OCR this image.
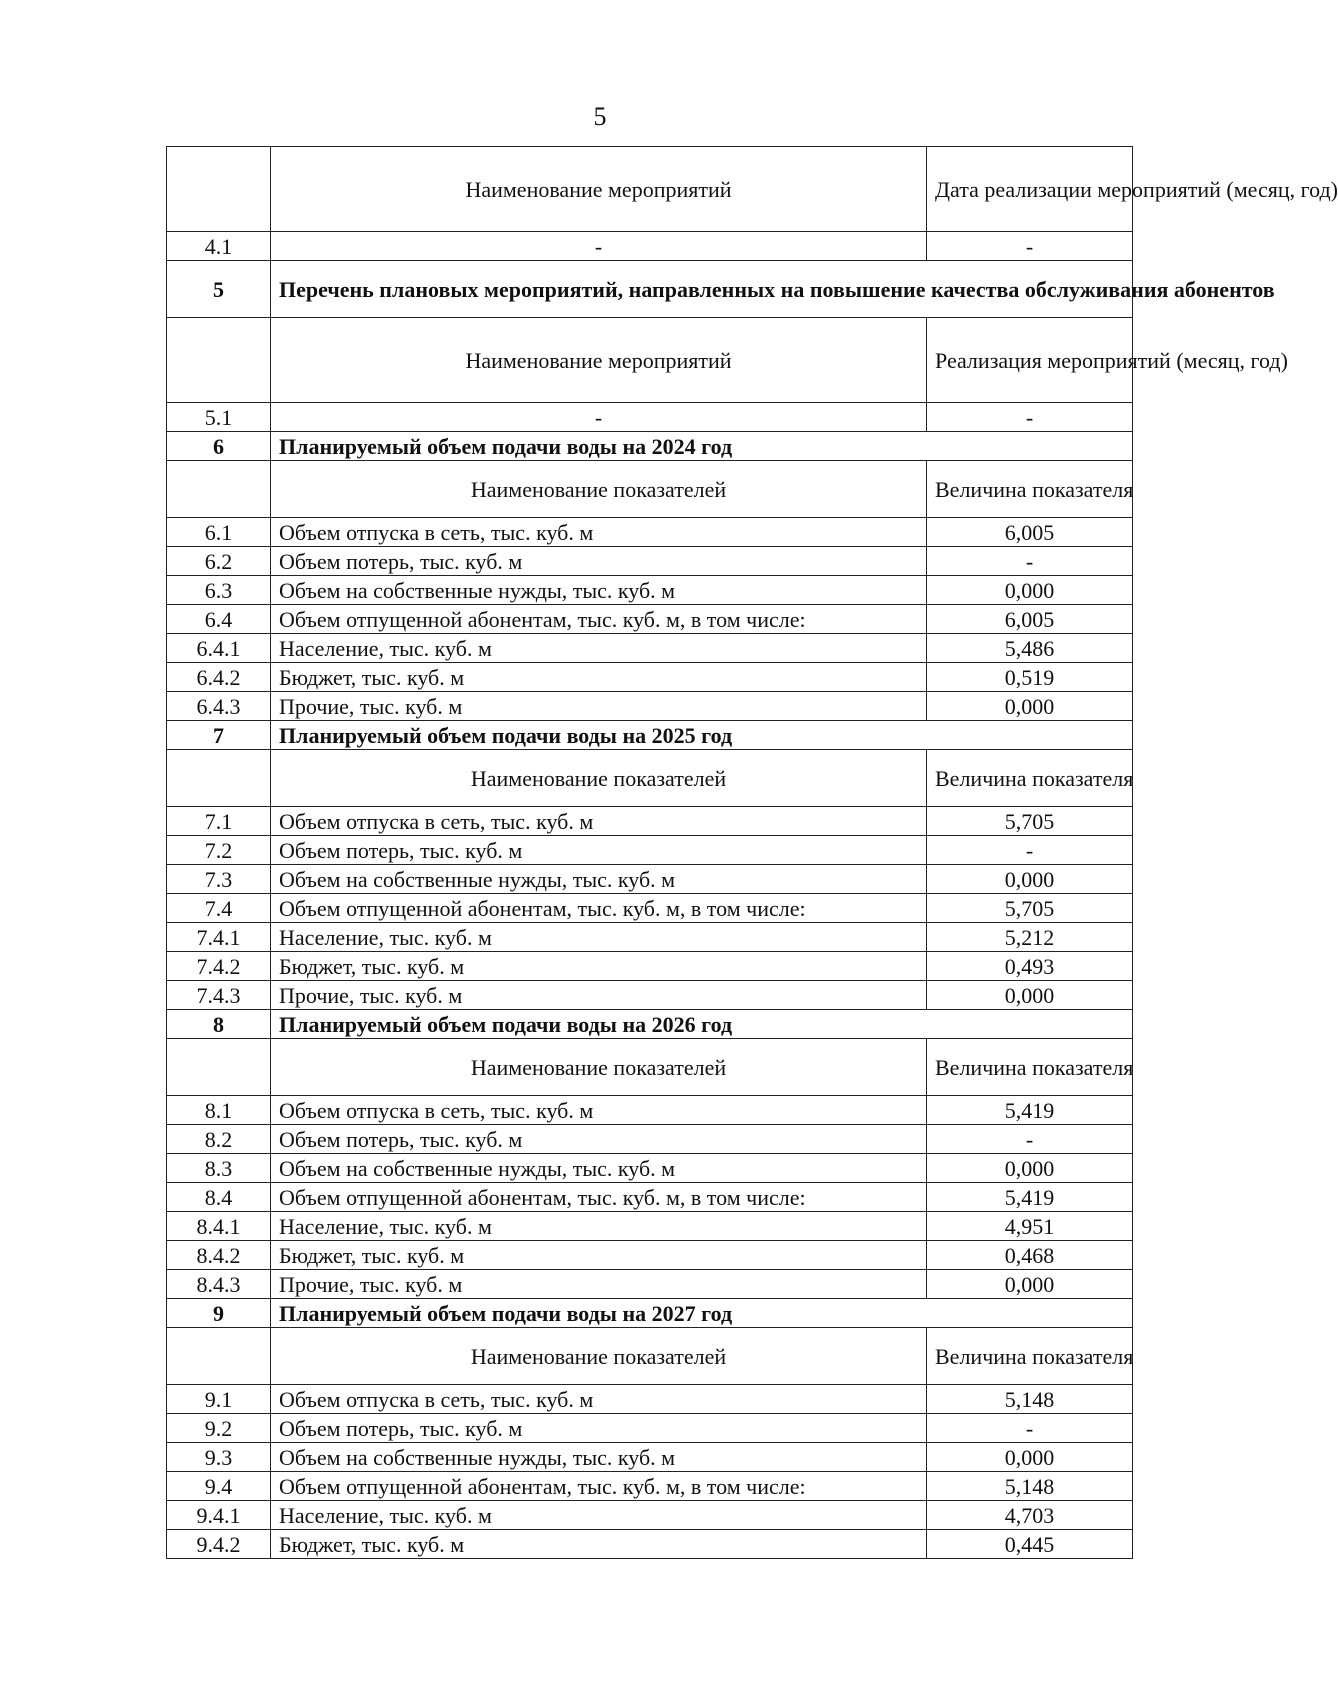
5
	Наименование мероприятий	Дата реализации мероприятий (месяц, год)
4.1	-	-
5	Перечень плановых мероприятий, направленных на повышение качества обслуживания абонентов	
	Наименование мероприятий	Реализация мероприятий (месяц, год)
5.1	-	-
6	Планируемый объем подачи воды на 2024 год	
	Наименование показателей	Величина показателя
6.1	Объем отпуска в сеть, тыс. куб. м	6,005
6.2	Объем потерь, тыс. куб. м	-
6.3	Объем на собственные нужды, тыс. куб. м	0,000
6.4	Объем отпущенной абонентам, тыс. куб. м, в том числе:	6,005
6.4.1	Население, тыс. куб. м	5,486
6.4.2	Бюджет, тыс. куб. м	0,519
6.4.3	Прочие, тыс. куб. м	0,000
7	Планируемый объем подачи воды на 2025 год	
	Наименование показателей	Величина показателя
7.1	Объем отпуска в сеть, тыс. куб. м	5,705
7.2	Объем потерь, тыс. куб. м	-
7.3	Объем на собственные нужды, тыс. куб. м	0,000
7.4	Объем отпущенной абонентам, тыс. куб. м, в том числе:	5,705
7.4.1	Население, тыс. куб. м	5,212
7.4.2	Бюджет, тыс. куб. м	0,493
7.4.3	Прочие, тыс. куб. м	0,000
8	Планируемый объем подачи воды на 2026 год	
	Наименование показателей	Величина показателя
8.1	Объем отпуска в сеть, тыс. куб. м	5,419
8.2	Объем потерь, тыс. куб. м	-
8.3	Объем на собственные нужды, тыс. куб. м	0,000
8.4	Объем отпущенной абонентам, тыс. куб. м, в том числе:	5,419
8.4.1	Население, тыс. куб. м	4,951
8.4.2	Бюджет, тыс. куб. м	0,468
8.4.3	Прочие, тыс. куб. м	0,000
9	Планируемый объем подачи воды на 2027 год	
	Наименование показателей	Величина показателя
9.1	Объем отпуска в сеть, тыс. куб. м	5,148
9.2	Объем потерь, тыс. куб. м	-
9.3	Объем на собственные нужды, тыс. куб. м	0,000
9.4	Объем отпущенной абонентам, тыс. куб. м, в том числе:	5,148
9.4.1	Население, тыс. куб. м	4,703
9.4.2	Бюджет, тыс. куб. м	0,445
